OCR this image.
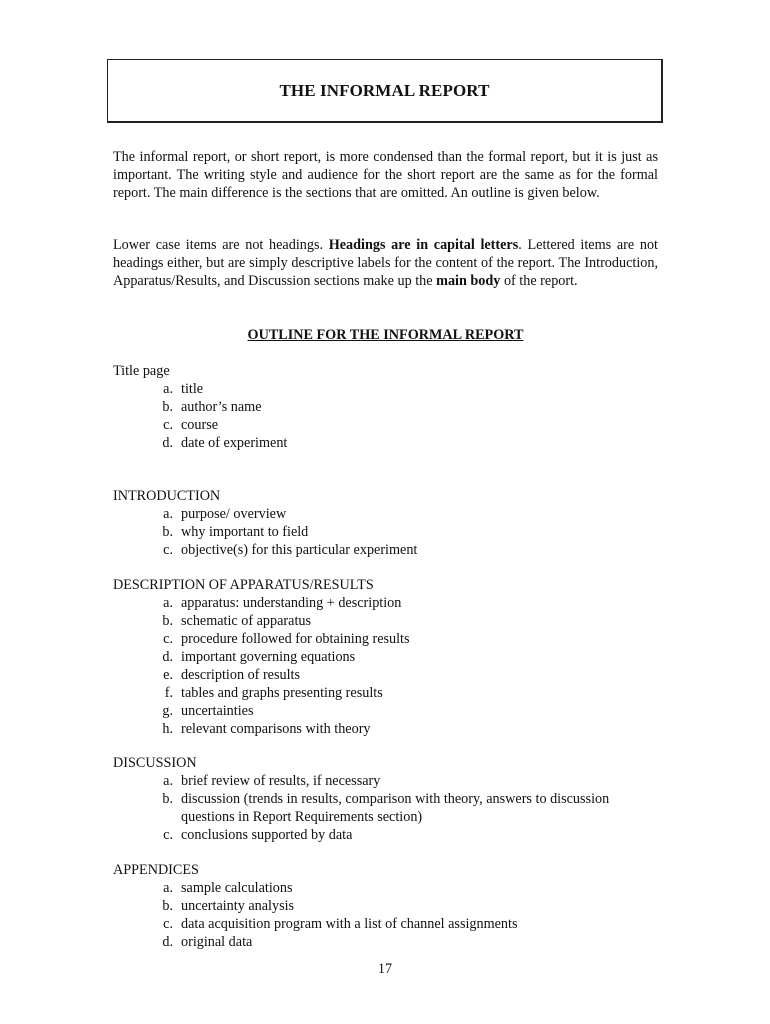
THE INFORMAL REPORT

The informal report, or short report, is more condensed than the formal report, but it is just as important. The writing style and audience for the short report are the same as for the formal report. The main difference is the sections that are omitted. An outline is given below.

Lower case items are not headings. Headings are in capital letters. Lettered items are not headings either, but are simply descriptive labels for the content of the report. The Introduction, Apparatus/Results, and Discussion sections make up the main body of the report.

OUTLINE FOR THE INFORMAL REPORT

Title page

a. title
b. author’s name
c. course
d. date of experiment

INTRODUCTION

a. purpose/ overview
b. why important to field
c. objective(s) for this particular experiment

DESCRIPTION OF APPARATUS/RESULTS

a. apparatus: understanding + description
b. schematic of apparatus
c. procedure followed for obtaining results
d. important governing equations
e. description of results
f. tables and graphs presenting results
g. uncertainties
h. relevant comparisons with theory

DISCUSSION

a. brief review of results, if necessary
b. discussion (trends in results, comparison with theory, answers to discussion questions in Report Requirements section)
c. conclusions supported by data

APPENDICES

a. sample calculations
b. uncertainty analysis
c. data acquisition program with a list of channel assignments
d. original data
17
